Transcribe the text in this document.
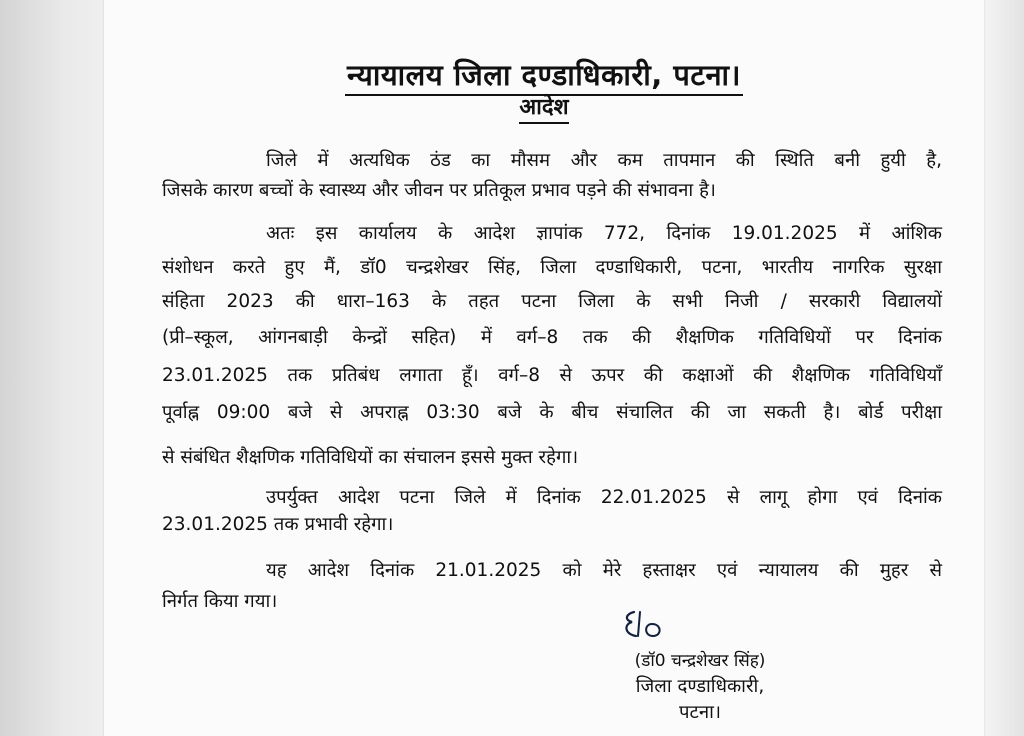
न्यायालय जिला दण्डाधिकारी, पटना।
आदेश
जिले में अत्यधिक ठंड का मौसम और कम तापमान की स्थिति बनी हुयी है,
जिसके कारण बच्चों के स्वास्थ्य और जीवन पर प्रतिकूल प्रभाव पड़ने की संभावना है।
अतः इस कार्यालय के आदेश ज्ञापांक 772, दिनांक 19.01.2025 में आंशिक
संशोधन करते हुए मैं, डॉ0 चन्द्रशेखर सिंह, जिला दण्डाधिकारी, पटना, भारतीय नागरिक सुरक्षा
संहिता 2023 की धारा–163 के तहत पटना जिला के सभी निजी / सरकारी विद्यालयों
(प्री–स्कूल, आंगनबाड़ी केन्द्रों सहित) में वर्ग–8 तक की शैक्षणिक गतिविधियों पर दिनांक
23.01.2025 तक प्रतिबंध लगाता हूँ। वर्ग–8 से ऊपर की कक्षाओं की शैक्षणिक गतिविधियाँ
पूर्वाह्न 09:00 बजे से अपराह्न 03:30 बजे के बीच संचालित की जा सकती है। बोर्ड परीक्षा
से संबंधित शैक्षणिक गतिविधियों का संचालन इससे मुक्त रहेगा।
उपर्युक्त आदेश पटना जिले में दिनांक 22.01.2025 से लागू होगा एवं दिनांक
23.01.2025 तक प्रभावी रहेगा।
यह आदेश दिनांक 21.01.2025 को मेरे हस्ताक्षर एवं न्यायालय की मुहर से
निर्गत किया गया।
(डॉ0 चन्द्रशेखर सिंह)
जिला दण्डाधिकारी,
पटना।
